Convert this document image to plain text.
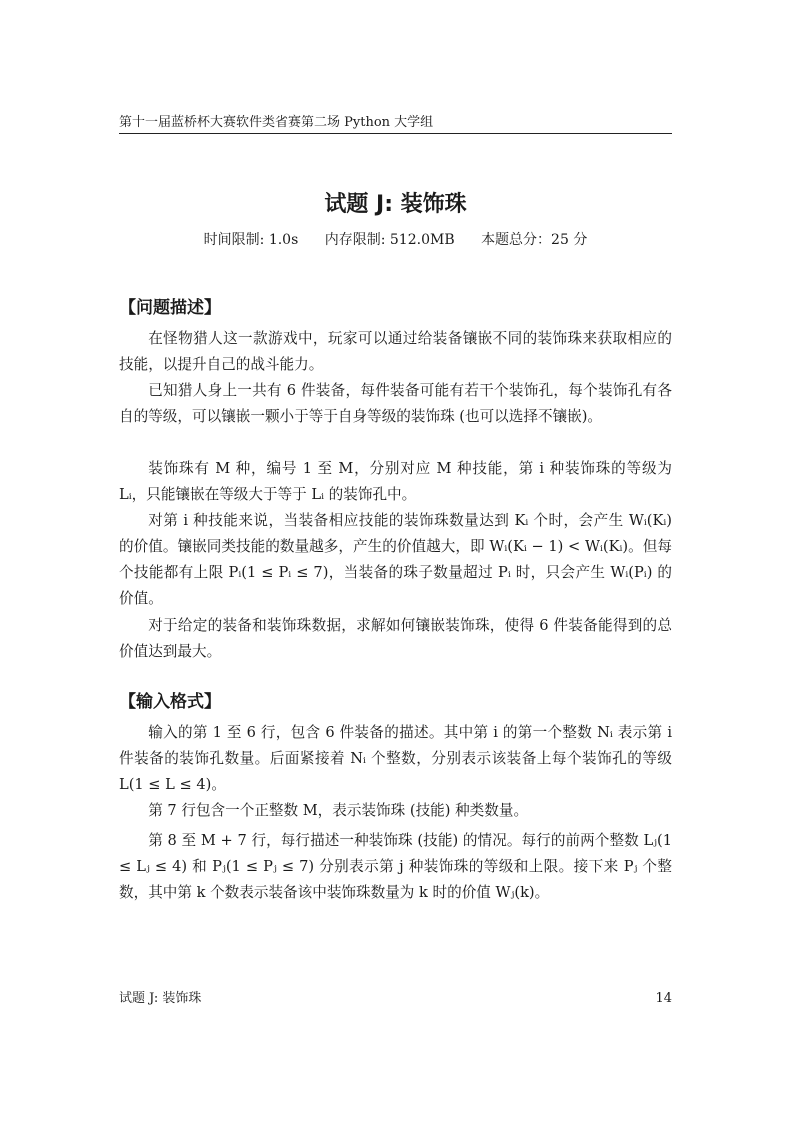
第十一届蓝桥杯大赛软件类省赛第二场 Python 大学组
试题 J: 装饰珠
时间限制: 1.0s 内存限制: 512.0MB 本题总分：25 分
【问题描述】

在怪物猎人这一款游戏中，玩家可以通过给装备镶嵌不同的装饰珠来获取相应的技能，以提升自己的战斗能力。

已知猎人身上一共有 6 件装备，每件装备可能有若干个装饰孔，每个装饰孔有各自的等级，可以镶嵌一颗小于等于自身等级的装饰珠 (也可以选择不镶嵌)。

装饰珠有 M 种，编号 1 至 M，分别对应 M 种技能，第 i 种装饰珠的等级为 Lᵢ，只能镶嵌在等级大于等于 Lᵢ 的装饰孔中。

对第 i 种技能来说，当装备相应技能的装饰珠数量达到 Kᵢ 个时，会产生 Wᵢ(Kᵢ) 的价值。镶嵌同类技能的数量越多，产生的价值越大，即 Wᵢ(Kᵢ − 1) < Wᵢ(Kᵢ)。但每个技能都有上限 Pᵢ(1 ≤ Pᵢ ≤ 7)，当装备的珠子数量超过 Pᵢ 时，只会产生 Wᵢ(Pᵢ) 的价值。

对于给定的装备和装饰珠数据，求解如何镶嵌装饰珠，使得 6 件装备能得到的总价值达到最大。

【输入格式】

输入的第 1 至 6 行，包含 6 件装备的描述。其中第 i 的第一个整数 Nᵢ 表示第 i 件装备的装饰孔数量。后面紧接着 Nᵢ 个整数，分别表示该装备上每个装饰孔的等级 L(1 ≤ L ≤ 4)。

第 7 行包含一个正整数 M，表示装饰珠 (技能) 种类数量。

第 8 至 M + 7 行，每行描述一种装饰珠 (技能) 的情况。每行的前两个整数 Lⱼ(1 ≤ Lⱼ ≤ 4) 和 Pⱼ(1 ≤ Pⱼ ≤ 7) 分别表示第 j 种装饰珠的等级和上限。接下来 Pⱼ 个整数，其中第 k 个数表示装备该中装饰珠数量为 k 时的价值 Wⱼ(k)。

试题 J: 装饰珠	14
